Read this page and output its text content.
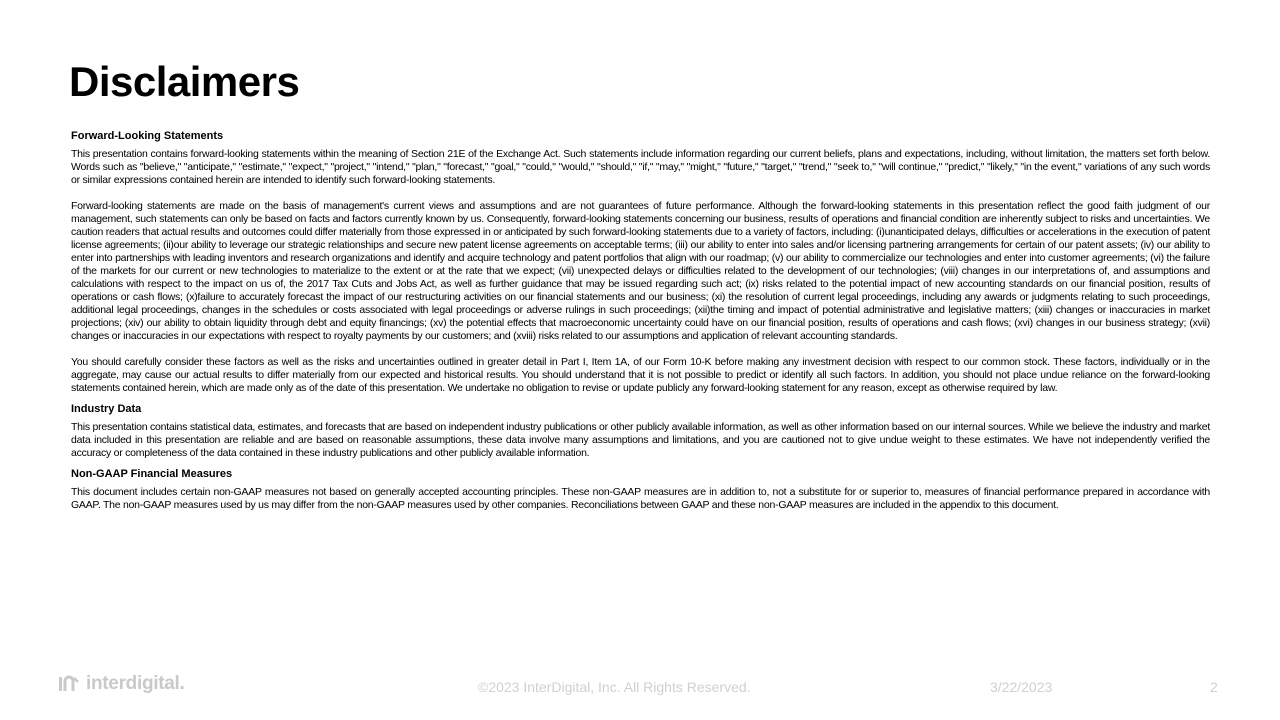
Disclaimers
Forward-Looking Statements

This presentation contains forward-looking statements within the meaning of Section 21E of the Exchange Act. Such statements include information regarding our current beliefs, plans and expectations, including, without limitation, the matters set forth below. Words such as "believe," "anticipate," "estimate," "expect," "project," "intend," "plan," "forecast," "goal," "could," "would," "should," "if," "may," "might," "future," "target," "trend," "seek to," "will continue," "predict," "likely," "in the event," variations of any such words or similar expressions contained herein are intended to identify such forward-looking statements.

Forward-looking statements are made on the basis of management's current views and assumptions and are not guarantees of future performance. Although the forward-looking statements in this presentation reflect the good faith judgment of our management, such statements can only be based on facts and factors currently known by us. Consequently, forward-looking statements concerning our business, results of operations and financial condition are inherently subject to risks and uncertainties. We caution readers that actual results and outcomes could differ materially from those expressed in or anticipated by such forward-looking statements due to a variety of factors, including: (i)unanticipated delays, difficulties or accelerations in the execution of patent license agreements; (ii)our ability to leverage our strategic relationships and secure new patent license agreements on acceptable terms; (iii) our ability to enter into sales and/or licensing partnering arrangements for certain of our patent assets; (iv) our ability to enter into partnerships with leading inventors and research organizations and identify and acquire technology and patent portfolios that align with our roadmap; (v) our ability to commercialize our technologies and enter into customer agreements; (vi) the failure of the markets for our current or new technologies to materialize to the extent or at the rate that we expect; (vii) unexpected delays or difficulties related to the development of our technologies; (viii) changes in our interpretations of, and assumptions and calculations with respect to the impact on us of, the 2017 Tax Cuts and Jobs Act, as well as further guidance that may be issued regarding such act; (ix) risks related to the potential impact of new accounting standards on our financial position, results of operations or cash flows; (x)failure to accurately forecast the impact of our restructuring activities on our financial statements and our business; (xi) the resolution of current legal proceedings, including any awards or judgments relating to such proceedings, additional legal proceedings, changes in the schedules or costs associated with legal proceedings or adverse rulings in such proceedings; (xii)the timing and impact of potential administrative and legislative matters; (xiii) changes or inaccuracies in market projections; (xiv) our ability to obtain liquidity through debt and equity financings; (xv) the potential effects that macroeconomic uncertainty could have on our financial position, results of operations and cash flows; (xvi) changes in our business strategy; (xvii) changes or inaccuracies in our expectations with respect to royalty payments by our customers; and (xviii) risks related to our assumptions and application of relevant accounting standards.

You should carefully consider these factors as well as the risks and uncertainties outlined in greater detail in Part I, Item 1A, of our Form 10-K before making any investment decision with respect to our common stock. These factors, individually or in the aggregate, may cause our actual results to differ materially from our expected and historical results. You should understand that it is not possible to predict or identify all such factors. In addition, you should not place undue reliance on the forward-looking statements contained herein, which are made only as of the date of this presentation. We undertake no obligation to revise or update publicly any forward-looking statement for any reason, except as otherwise required by law.

Industry Data

This presentation contains statistical data, estimates, and forecasts that are based on independent industry publications or other publicly available information, as well as other information based on our internal sources. While we believe the industry and market data included in this presentation are reliable and are based on reasonable assumptions, these data involve many assumptions and limitations, and you are cautioned not to give undue weight to these estimates. We have not independently verified the accuracy or completeness of the data contained in these industry publications and other publicly available information.

Non-GAAP Financial Measures

This document includes certain non-GAAP measures not based on generally accepted accounting principles. These non-GAAP measures are in addition to, not a substitute for or superior to, measures of financial performance prepared in accordance with GAAP. The non-GAAP measures used by us may differ from the non-GAAP measures used by other companies. Reconciliations between GAAP and these non-GAAP measures are included in the appendix to this document.

interdigital.	©2023 InterDigital, Inc. All Rights Reserved.	3/22/2023	2
